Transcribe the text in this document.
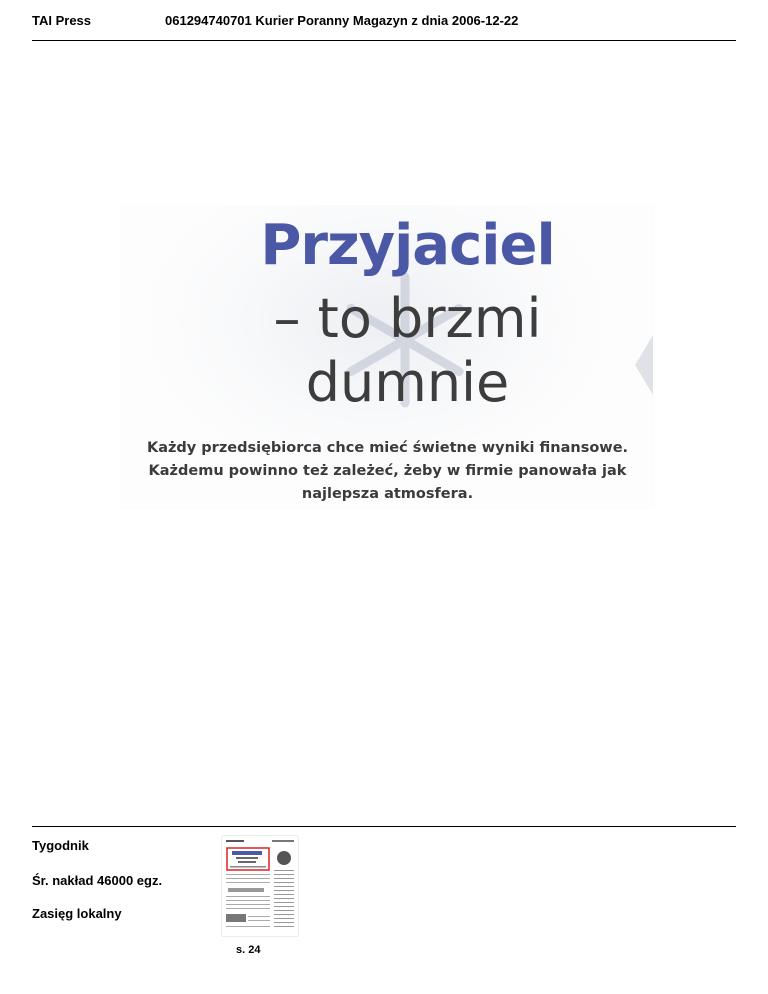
TAI Press	061294740701 Kurier Poranny Magazyn z dnia 2006-12-22
Przyjaciel
– to brzmi
dumnie
Każdy przedsiębiorca chce mieć świetne wyniki finansowe. Każdemu powinno też zależeć, żeby w firmie panowała jak najlepsza atmosfera.
Tygodnik
Śr. nakład 46000 egz.
Zasięg lokalny
s. 24
